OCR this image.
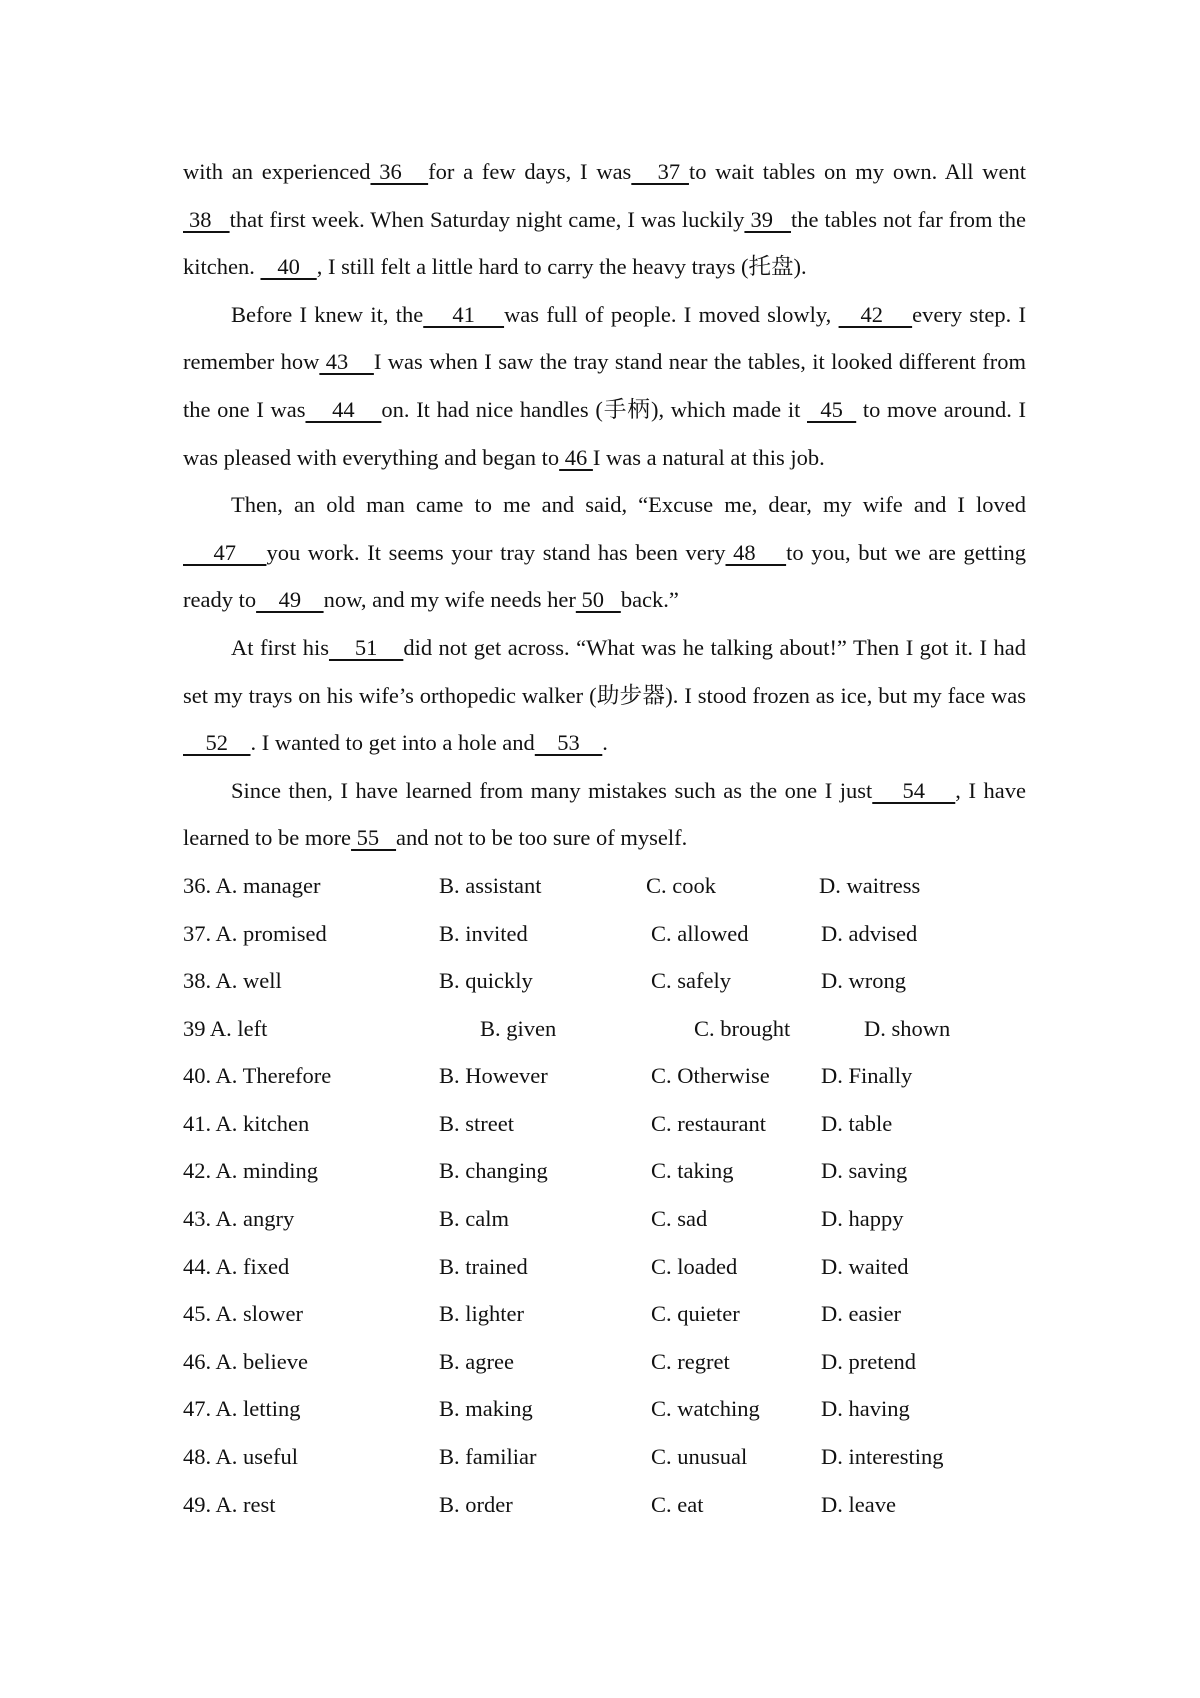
with an experienced 36   for a few days, I was   37 to wait tables on my own. All went 38   that first week. When Saturday night came, I was luckily 39   the tables not far from the kitchen.    40   , I still felt a little hard to carry the heavy trays (托盘).

Before I knew it, the    41    was full of people. I moved slowly,    42    every step. I remember how 43    I was when I saw the tray stand near the tables, it looked different from the one I was    44    on. It had nice handles (手柄), which made it   45   to move around. I was pleased with everything and began to 46 I was a natural at this job.

Then, an old man came to me and said, “Excuse me, dear, my wife and I loved     47    you work. It seems your tray stand has been very 48    to you, but we are getting ready to    49    now, and my wife needs her 50   back.”

At first his    51    did not get across. “What was he talking about!” Then I got it. I had set my trays on his wife’s orthopedic walker (助步器). I stood frozen as ice, but my face was    52    . I wanted to get into a hole and    53    .

Since then, I have learned from many mistakes such as the one I just    54    , I have learned to be more 55   and not to be too sure of myself.

36. A. manager	B. assistant	C. cook	D. waitress
37. A. promised	B. invited	C. allowed	D. advised
38. A. well	B. quickly	C. safely	D. wrong
39 A. left	B. given	C. brought	D. shown
40. A. Therefore	B. However	C. Otherwise D. Finally
41. A. kitchen	B. street	C. restaurant D. table
42. A. minding	B. changing	C. taking	D. saving
43. A. angry	B. calm	C. sad	D. happy
44. A. fixed	B. trained	C. loaded	D. waited
45. A. slower	B. lighter	C. quieter	D. easier
46. A. believe	B. agree	C. regret	D. pretend
47. A. letting	B. making	C. watching	D. having
48. A. useful	B. familiar	C. unusual	D. interesting
49. A. rest	B. order	C. eat	D. leave
